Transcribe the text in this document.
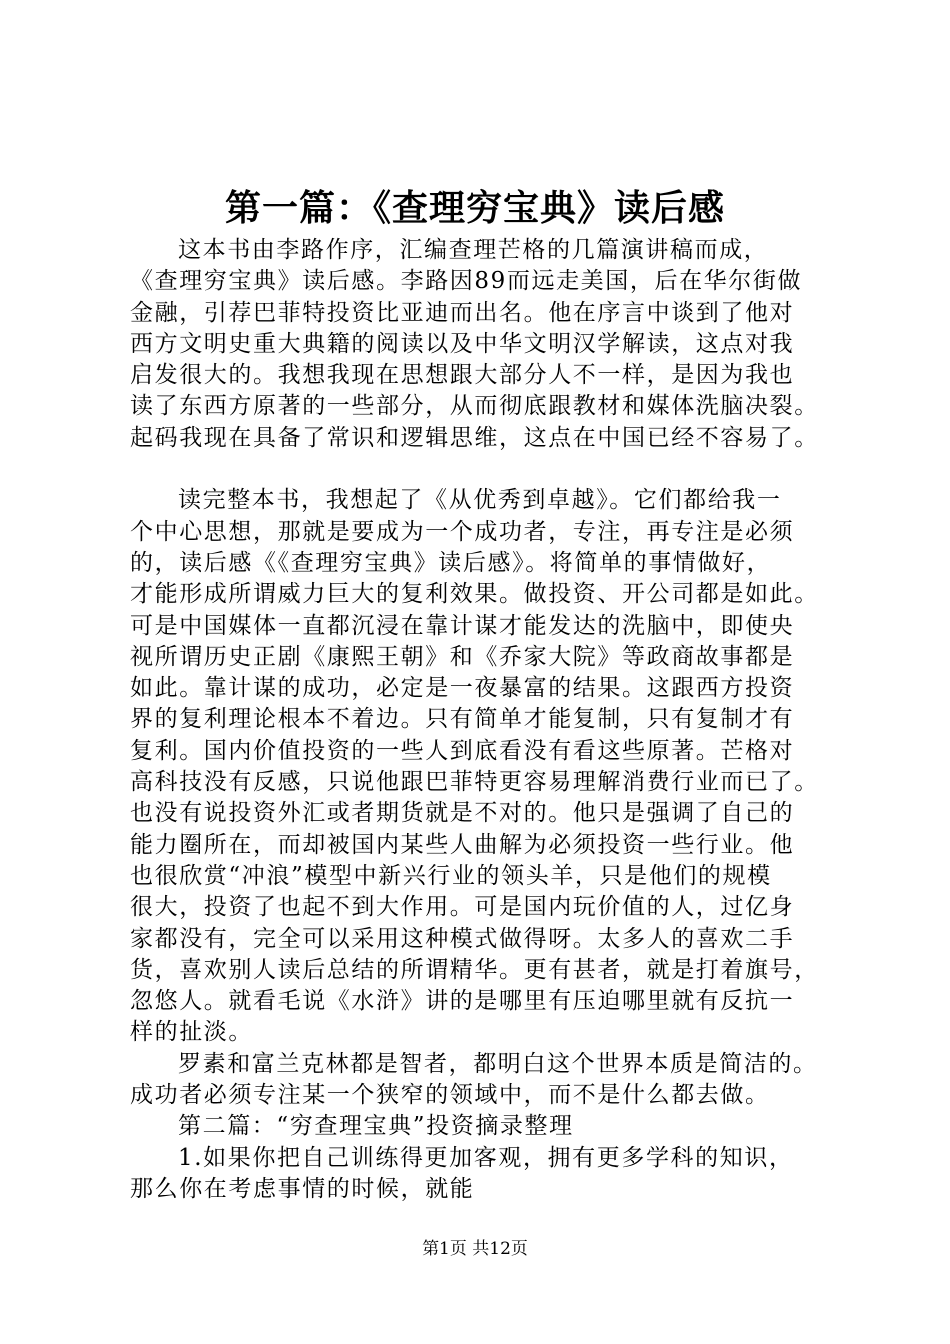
第一篇：《查理穷宝典》读后感
这本书由李路作序，汇编查理芒格的几篇演讲稿而成，
《查理穷宝典》读后感。李路因89而远走美国，后在华尔街做
金融，引荐巴菲特投资比亚迪而出名。他在序言中谈到了他对
西方文明史重大典籍的阅读以及中华文明汉学解读，这点对我
启发很大的。我想我现在思想跟大部分人不一样，是因为我也
读了东西方原著的一些部分，从而彻底跟教材和媒体洗脑决裂。
起码我现在具备了常识和逻辑思维，这点在中国已经不容易了。
读完整本书，我想起了《从优秀到卓越》。它们都给我一
个中心思想，那就是要成为一个成功者，专注，再专注是必须
的，读后感《《查理穷宝典》读后感》。将简单的事情做好，
才能形成所谓威力巨大的复利效果。做投资、开公司都是如此。
可是中国媒体一直都沉浸在靠计谋才能发达的洗脑中，即使央
视所谓历史正剧《康熙王朝》和《乔家大院》等政商故事都是
如此。靠计谋的成功，必定是一夜暴富的结果。这跟西方投资
界的复利理论根本不着边。只有简单才能复制，只有复制才有
复利。国内价值投资的一些人到底看没有看这些原著。芒格对
高科技没有反感，只说他跟巴菲特更容易理解消费行业而已了。
也没有说投资外汇或者期货就是不对的。他只是强调了自己的
能力圈所在，而却被国内某些人曲解为必须投资一些行业。他
也很欣赏“冲浪”模型中新兴行业的领头羊，只是他们的规模
很大，投资了也起不到大作用。可是国内玩价值的人，过亿身
家都没有，完全可以采用这种模式做得呀。太多人的喜欢二手
货，喜欢别人读后总结的所谓精华。更有甚者，就是打着旗号，
忽悠人。就看毛说《水浒》讲的是哪里有压迫哪里就有反抗一
样的扯淡。
罗素和富兰克林都是智者，都明白这个世界本质是简洁的。
成功者必须专注某一个狭窄的领域中，而不是什么都去做。
第二篇：“穷查理宝典”投资摘录整理
1.如果你把自己训练得更加客观，拥有更多学科的知识，
那么你在考虑事情的时候，就能
第1页 共12页
